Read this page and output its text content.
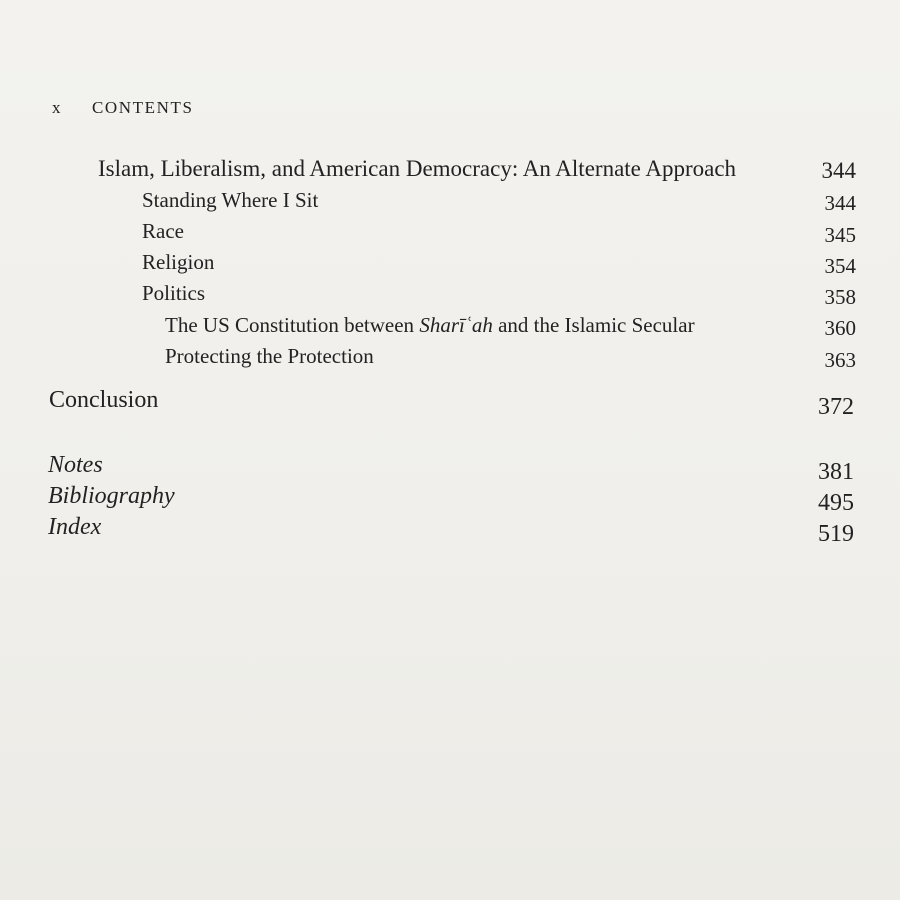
x CONTENTS
Islam, Liberalism, and American Democracy: An Alternate Approach	344
Standing Where I Sit	344
Race	345
Religion	354
Politics	358
The US Constitution between Sharīʿah and the Islamic Secular	360
Protecting the Protection	363
Conclusion	372
Notes	381
Bibliography	495
Index	519
